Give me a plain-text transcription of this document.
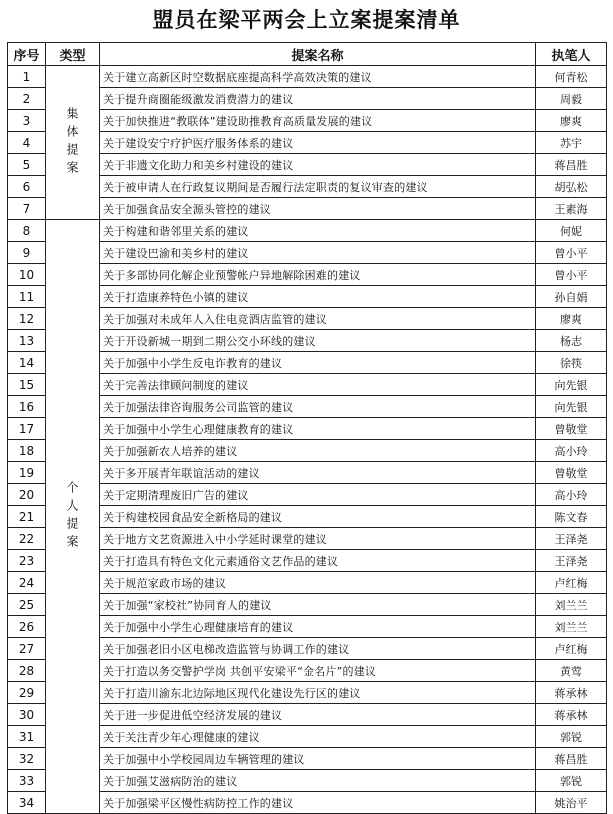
盟员在梁平两会上立案提案清单
序号	类型	提案名称	执笔人
1	集体提案	关于建立高新区时空数据底座提高科学高效决策的建议	何青松
2		关于提升商圈能级激发消费潜力的建议	周毅
3		关于加快推进“教联体”建设助推教育高质量发展的建议	廖爽
4		关于建设安宁疗护医疗服务体系的建议	苏宇
5		关于非遗文化助力和美乡村建设的建议	蒋昌胜
6		关于被申请人在行政复议期间是否履行法定职责的复议审查的建议	胡弘松
7		关于加强食品安全源头管控的建议	王素海
8	个人提案	关于构建和谐邻里关系的建议	何妮
9		关于建设巴渝和美乡村的建议	曾小平
10		关于多部协同化解企业预警帐户异地解除困难的建议	曾小平
11		关于打造康养特色小镇的建议	孙自娟
12		关于加强对未成年人入住电竞酒店监管的建议	廖爽
13		关于开设新城一期到二期公交小环线的建议	杨志
14		关于加强中小学生反电诈教育的建议	徐筷
15		关于完善法律顾问制度的建议	向先银
16		关于加强法律咨询服务公司监管的建议	向先银
17		关于加强中小学生心理健康教育的建议	曾敬堂
18		关于加强新农人培养的建议	高小玲
19		关于多开展青年联谊活动的建议	曾敬堂
20		关于定期清理废旧广告的建议	高小玲
21		关于构建校园食品安全新格局的建议	陈文春
22		关于地方文艺资源进入中小学延时课堂的建议	王泽尧
23		关于打造具有特色文化元素通俗文艺作品的建议	王泽尧
24		关于规范家政市场的建议	卢红梅
25		关于加强“家校社”协同育人的建议	刘兰兰
26		关于加强中小学生心理健康培育的建议	刘兰兰
27		关于加强老旧小区电梯改造监管与协调工作的建议	卢红梅
28		关于打造以务交警护学岗 共创平安梁平“金名片”的建议	黄莺
29		关于打造川渝东北边际地区现代化建设先行区的建议	蒋承林
30		关于进一步促进低空经济发展的建议	蒋承林
31		关于关注青少年心理健康的建议	郭锐
32		关于加强中小学校园周边车辆管理的建议	蒋昌胜
33		关于加强艾滋病防治的建议	郭锐
34		关于加强梁平区慢性病防控工作的建议	姚治平
